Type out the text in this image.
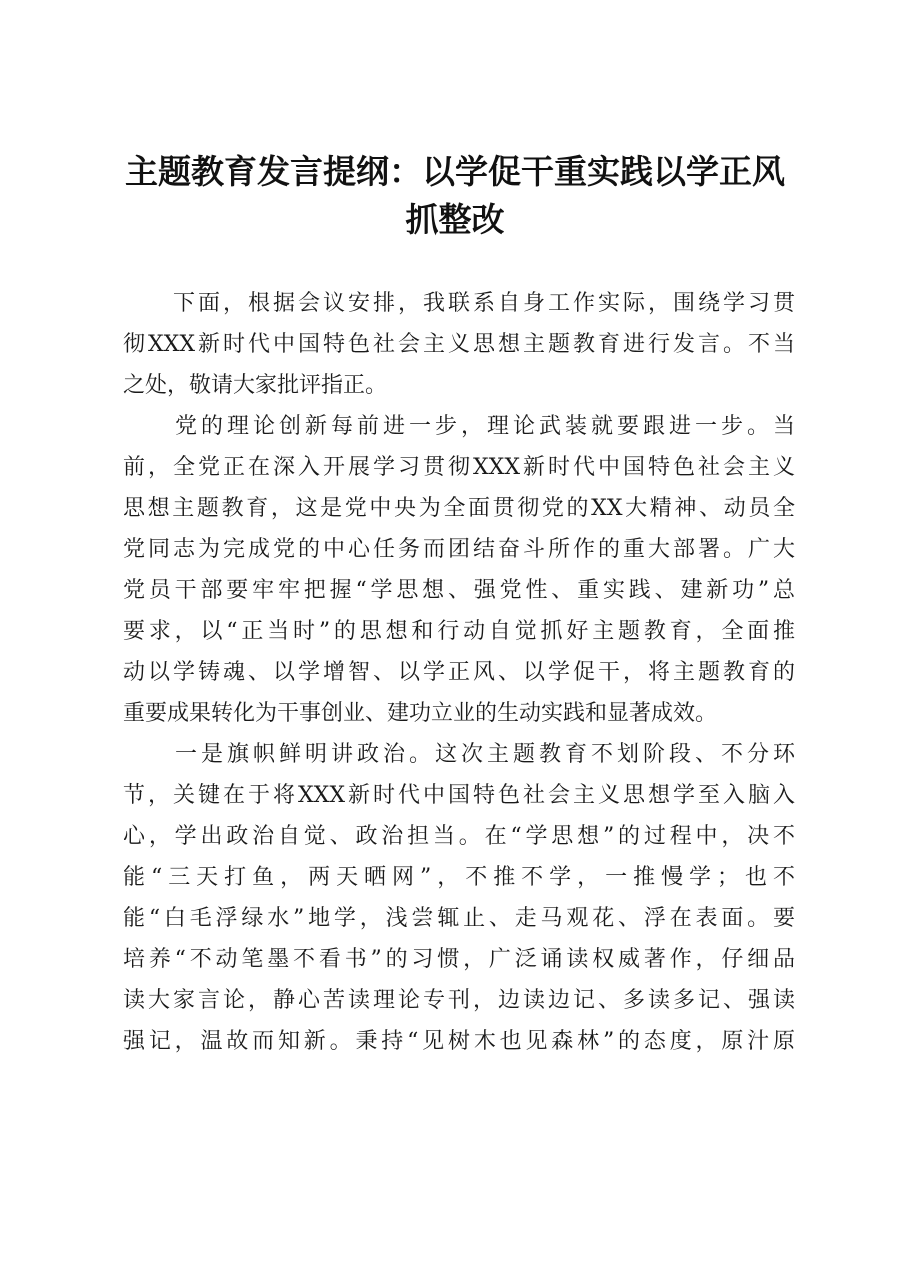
主题教育发言提纲：以学促干重实践以学正风
抓整改
　　下面，根据会议安排，我联系自身工作实际，围绕学习贯
彻XXX新时代中国特色社会主义思想主题教育进行发言。不当
之处，敬请大家批评指正。
　　党的理论创新每前进一步，理论武装就要跟进一步。当
前，全党正在深入开展学习贯彻XXX新时代中国特色社会主义
思想主题教育，这是党中央为全面贯彻党的XX大精神、动员全
党同志为完成党的中心任务而团结奋斗所作的重大部署。广大
党员干部要牢牢把握“学思想、强党性、重实践、建新功”总
要求，以“正当时”的思想和行动自觉抓好主题教育，全面推
动以学铸魂、以学增智、以学正风、以学促干，将主题教育的
重要成果转化为干事创业、建功立业的生动实践和显著成效。
　　一是旗帜鲜明讲政治。这次主题教育不划阶段、不分环
节，关键在于将XXX新时代中国特色社会主义思想学至入脑入
心，学出政治自觉、政治担当。在“学思想”的过程中，决不
能“三天打鱼，两天晒网”，不推不学，一推慢学；也不
能“白毛浮绿水”地学，浅尝辄止、走马观花、浮在表面。要
培养“不动笔墨不看书”的习惯，广泛诵读权威著作，仔细品
读大家言论，静心苦读理论专刊，边读边记、多读多记、强读
强记，温故而知新。秉持“见树木也见森林”的态度，原汁原
